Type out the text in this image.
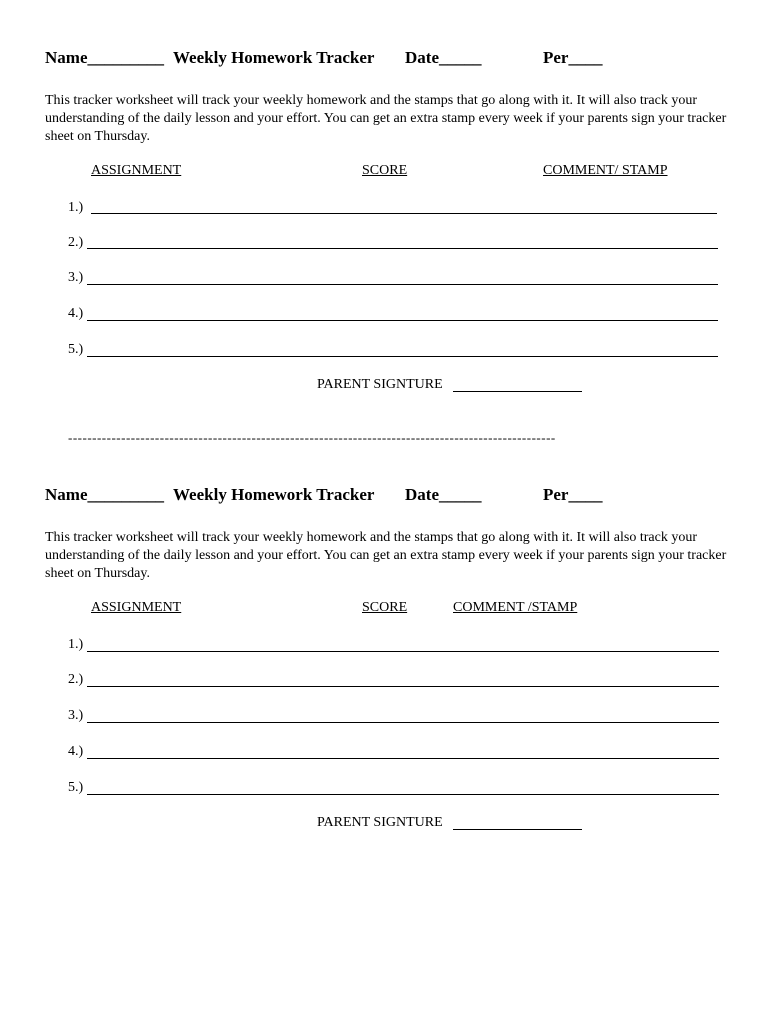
Name_________ Weekly Homework Tracker Date_____	Per____
This tracker worksheet will track your weekly homework and the stamps that go along with it. It will also track your understanding of the daily lesson and your effort. You can get an extra stamp every week if your parents sign your tracker sheet on Thursday.
ASSIGNMENT	SCORE	COMMENT/ STAMP
1.)
2.)
3.)
4.)
5.)
PARENT SIGNTURE
-----------------------------------------------------------------------------------------------------
Name_________ Weekly Homework Tracker Date_____	Per____
This tracker worksheet will track your weekly homework and the stamps that go along with it. It will also track your understanding of the daily lesson and your effort. You can get an extra stamp every week if your parents sign your tracker sheet on Thursday.
ASSIGNMENT	SCORE	COMMENT /STAMP
1.)
2.)
3.)
4.)
5.)
PARENT SIGNTURE
